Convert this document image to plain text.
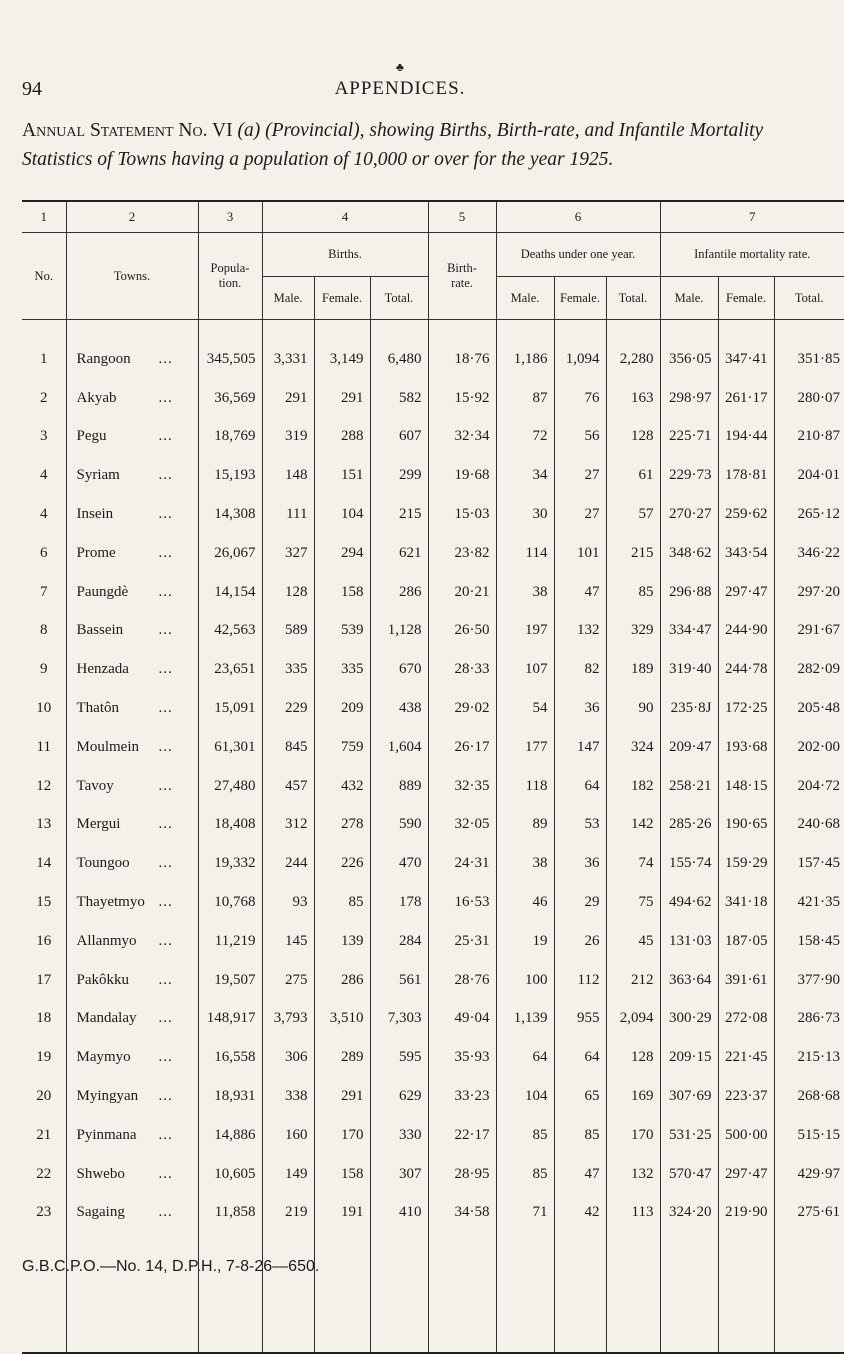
♣
94	APPENDICES.
Annual Statement No. VI (a) (Provincial), showing Births, Birth-rate, and Infantile Mortality Statistics of Towns having a population of 10,000 or over for the year 1925.

1	2	3	4			5	6			7		
No.	Towns.	Popula-tion.	Births.			Birth-rate.	Deaths under one year.			Infantile mortality rate.		
			Male.	Female.	Total.		Male.	Female.	Total.	Male.	Female.	Total.

1	Rangoon ...	345,505	3,331	3,149	6,480	18·76	1,186	1,094	2,280	356·05	347·41	351·85
2	Akyab ...	36,569	291	291	582	15·92	87	76	163	298·97	261·17	280·07
3	Pegu ...	18,769	319	288	607	32·34	72	56	128	225·71	194·44	210·87
4	Syriam ...	15,193	148	151	299	19·68	34	27	61	229·73	178·81	204·01
4	Insein ...	14,308	111	104	215	15·03	30	27	57	270·27	259·62	265·12
6	Prome ...	26,067	327	294	621	23·82	114	101	215	348·62	343·54	346·22
7	Paungdè ...	14,154	128	158	286	20·21	38	47	85	296·88	297·47	297·20
8	Bassein ...	42,563	589	539	1,128	26·50	197	132	329	334·47	244·90	291·67
9	Henzada ...	23,651	335	335	670	28·33	107	82	189	319·40	244·78	282·09
10	Thatôn ...	15,091	229	209	438	29·02	54	36	90	235·8J	172·25	205·48
11	Moulmein ...	61,301	845	759	1,604	26·17	177	147	324	209·47	193·68	202·00
12	Tavoy ...	27,480	457	432	889	32·35	118	64	182	258·21	148·15	204·72
13	Mergui ...	18,408	312	278	590	32·05	89	53	142	285·26	190·65	240·68
14	Toungoo ...	19,332	244	226	470	24·31	38	36	74	155·74	159·29	157·45
15	Thayetmyo ...	10,768	93	85	178	16·53	46	29	75	494·62	341·18	421·35
16	Allanmyo ...	11,219	145	139	284	25·31	19	26	45	131·03	187·05	158·45
17	Pakôkku ...	19,507	275	286	561	28·76	100	112	212	363·64	391·61	377·90
18	Mandalay ...	148,917	3,793	3,510	7,303	49·04	1,139	955	2,094	300·29	272·08	286·73
19	Maymyo ...	16,558	306	289	595	35·93	64	64	128	209·15	221·45	215·13
20	Myingyan ...	18,931	338	291	629	33·23	104	65	169	307·69	223·37	268·68
21	Pyinmana ...	14,886	160	170	330	22·17	85	85	170	531·25	500·00	515·15
22	Shwebo ...	10,605	149	158	307	28·95	85	47	132	570·47	297·47	429·97
23	Sagaing ...	11,858	219	191	410	34·58	71	42	113	324·20	219·90	275·61

G.B.C.P.O.—No. 14, D.P.H., 7-8-26—650.
